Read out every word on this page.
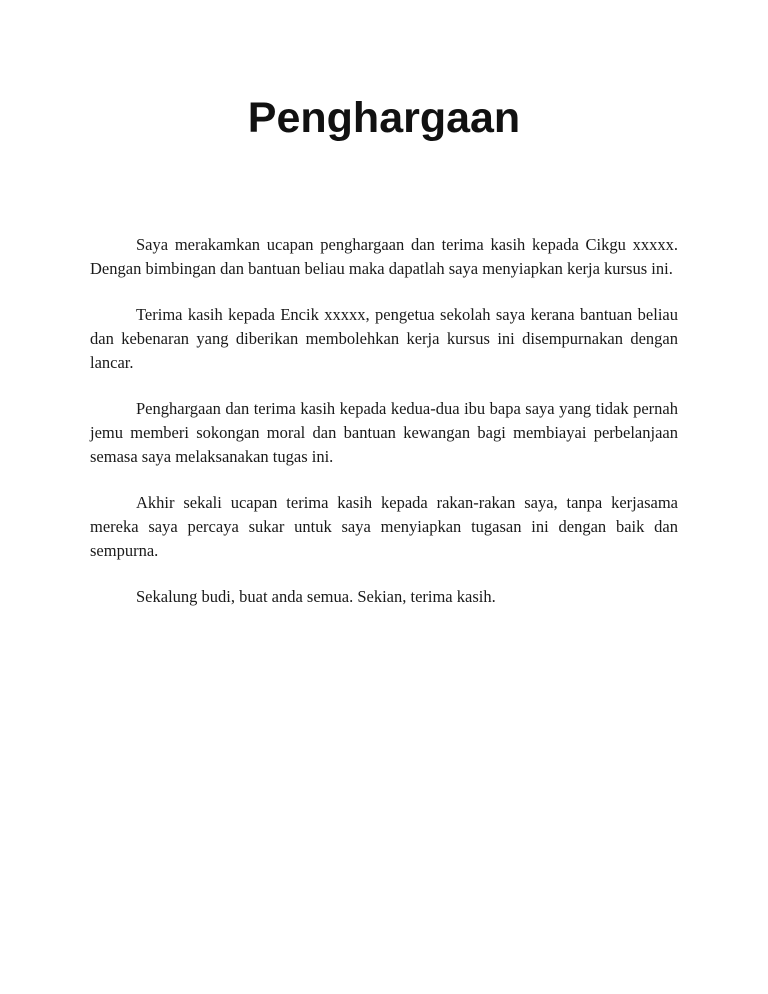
Penghargaan

Saya merakamkan ucapan penghargaan dan terima kasih kepada Cikgu xxxxx. Dengan bimbingan dan bantuan beliau maka dapatlah saya menyiapkan kerja kursus ini.

Terima kasih kepada Encik xxxxx, pengetua sekolah saya kerana bantuan beliau dan kebenaran yang diberikan membolehkan kerja kursus ini disempurnakan dengan lancar.

Penghargaan dan terima kasih kepada kedua-dua ibu bapa saya yang tidak pernah jemu memberi sokongan moral dan bantuan kewangan bagi membiayai perbelanjaan semasa saya melaksanakan tugas ini.

Akhir sekali ucapan terima kasih kepada rakan-rakan saya, tanpa kerjasama mereka saya percaya sukar untuk saya menyiapkan tugasan ini dengan baik dan sempurna.

Sekalung budi, buat anda semua. Sekian, terima kasih.
